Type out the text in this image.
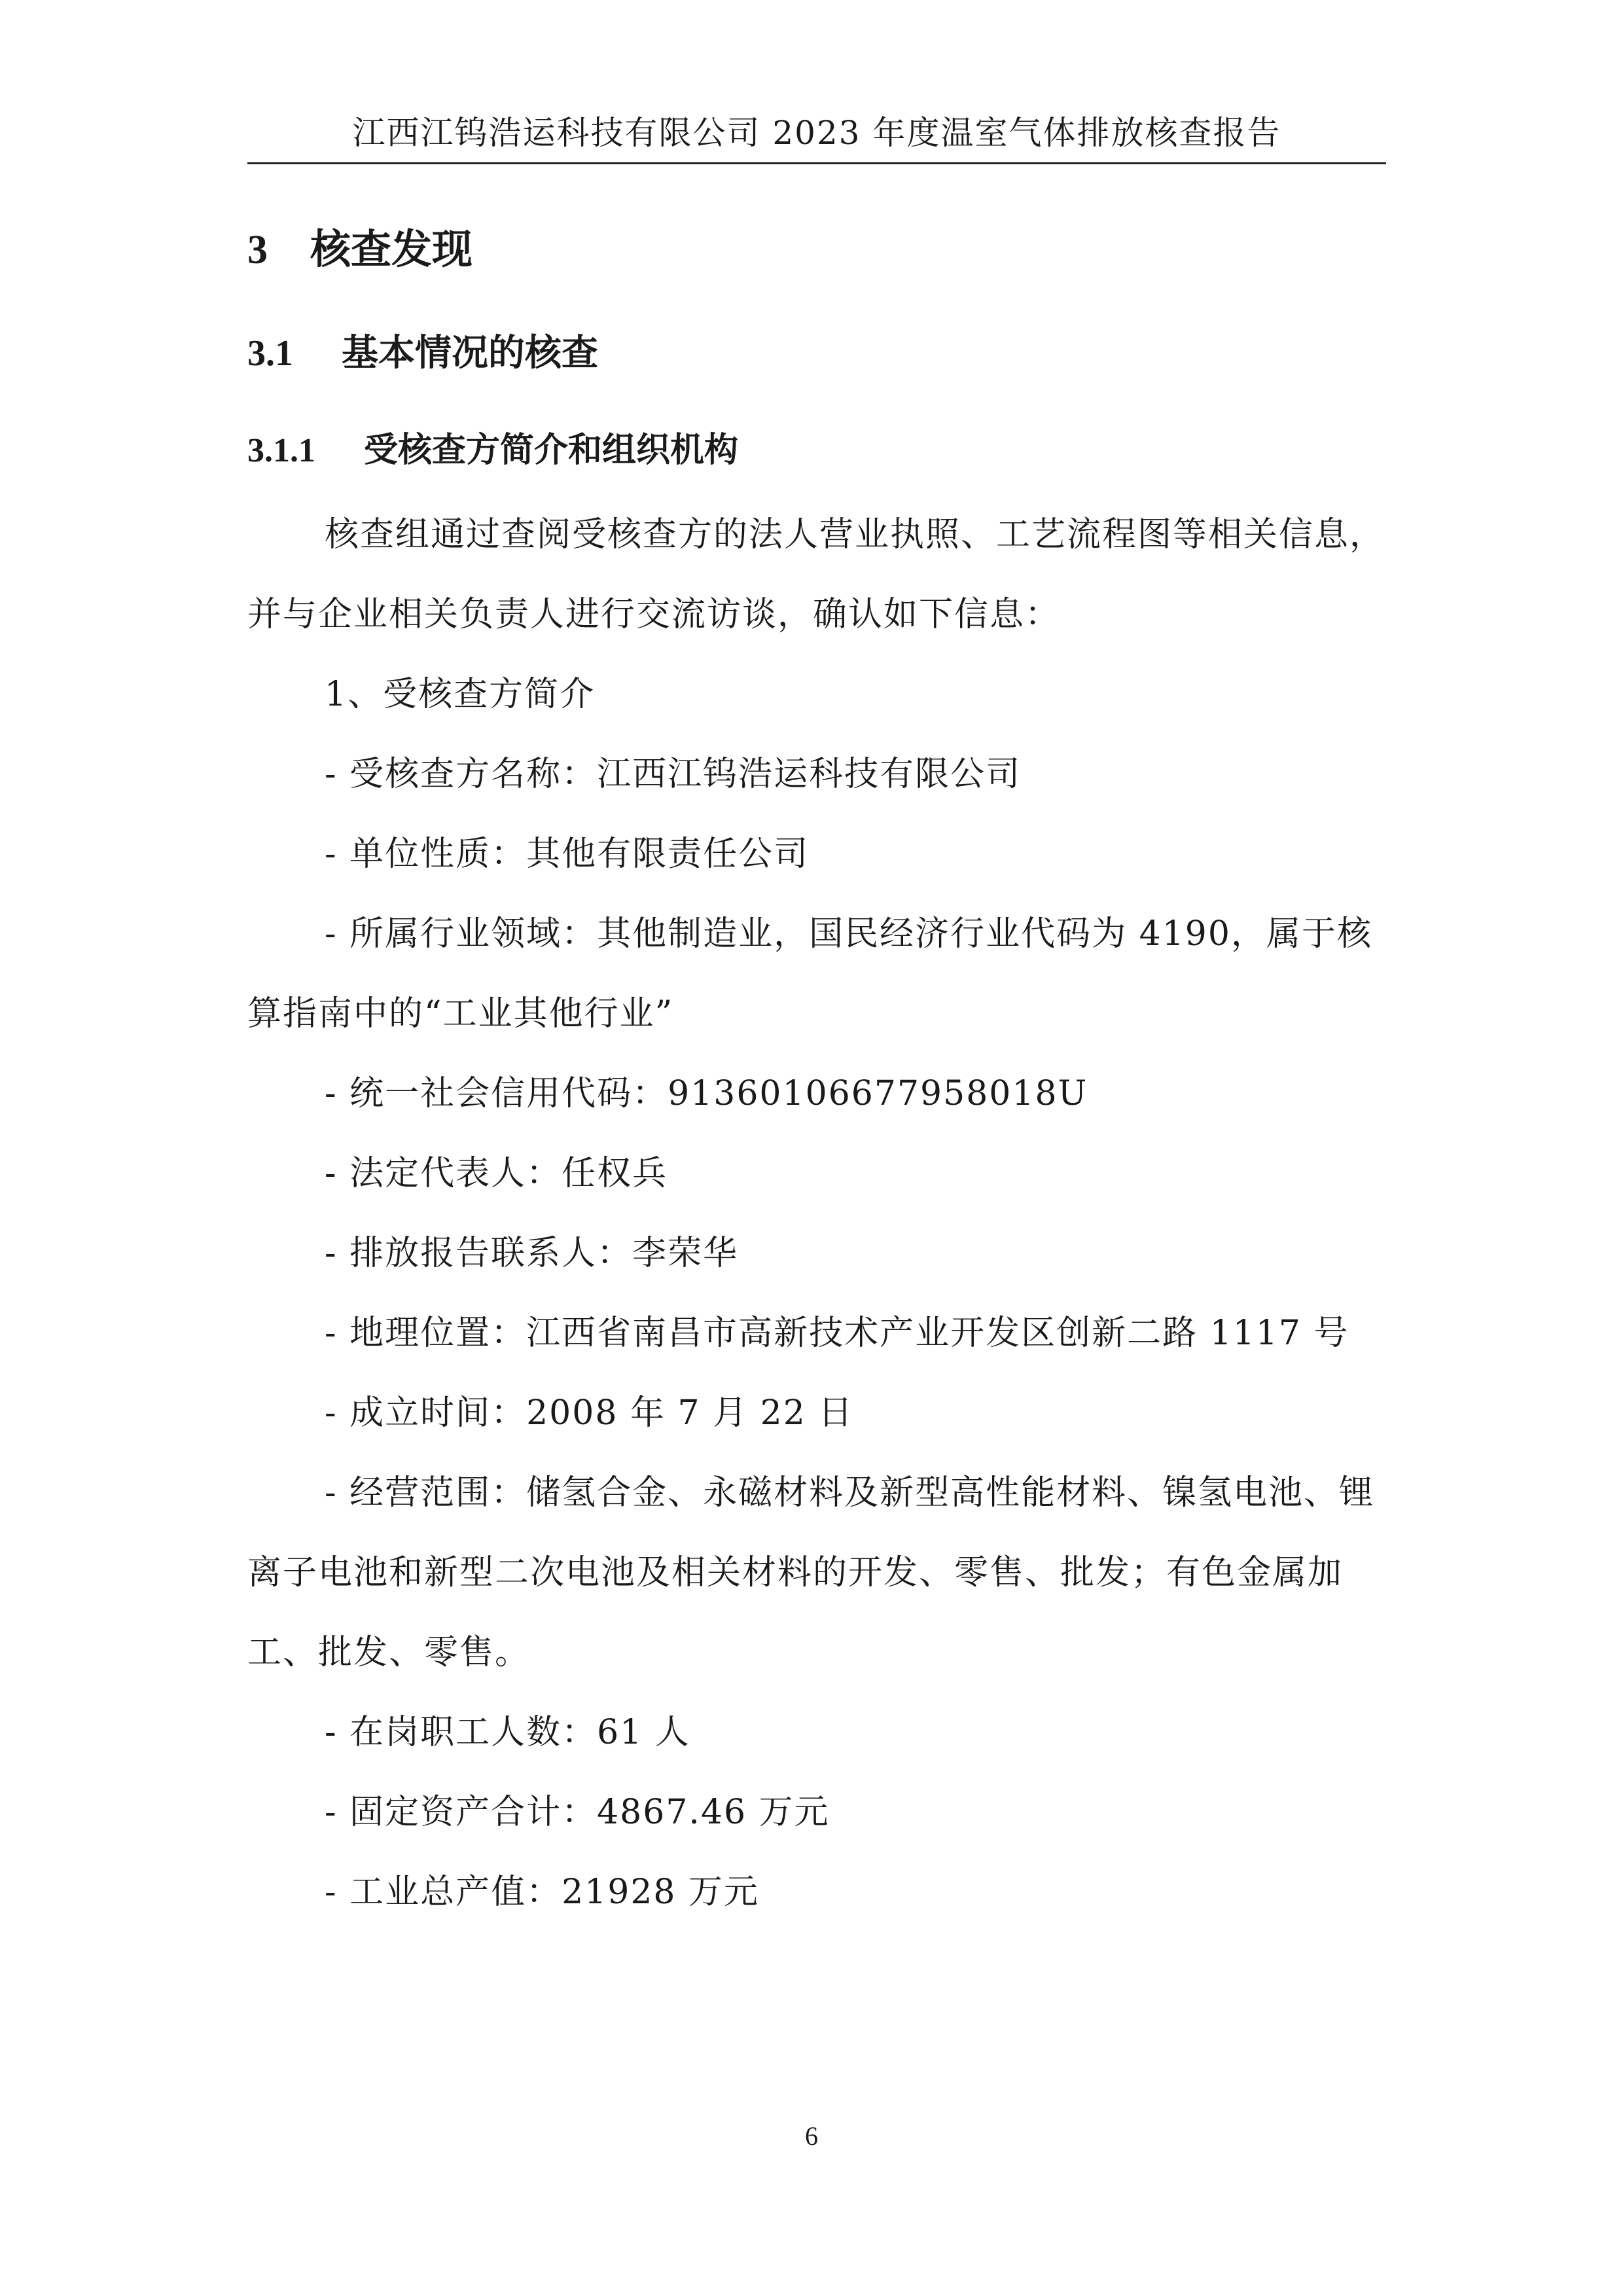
江西江钨浩运科技有限公司 2023 年度温室气体排放核查报告
3 核查发现
3.1 基本情况的核查
3.1.1 受核查方简介和组织机构

核查组通过查阅受核查方的法人营业执照、工艺流程图等相关信息，并与企业相关负责人进行交流访谈，确认如下信息：

1、受核查方简介

- 受核查方名称：江西江钨浩运科技有限公司

- 单位性质：其他有限责任公司

- 所属行业领域：其他制造业，国民经济行业代码为 4190，属于核算指南中的“工业其他行业”

- 统一社会信用代码：91360106677958018U

- 法定代表人：任权兵

- 排放报告联系人：李荣华

- 地理位置：江西省南昌市高新技术产业开发区创新二路 1117 号

- 成立时间：2008 年 7 月 22 日

- 经营范围：储氢合金、永磁材料及新型高性能材料、镍氢电池、锂离子电池和新型二次电池及相关材料的开发、零售、批发；有色金属加工、批发、零售。

- 在岗职工人数：61 人

- 固定资产合计：4867.46 万元

- 工业总产值：21928 万元

6
